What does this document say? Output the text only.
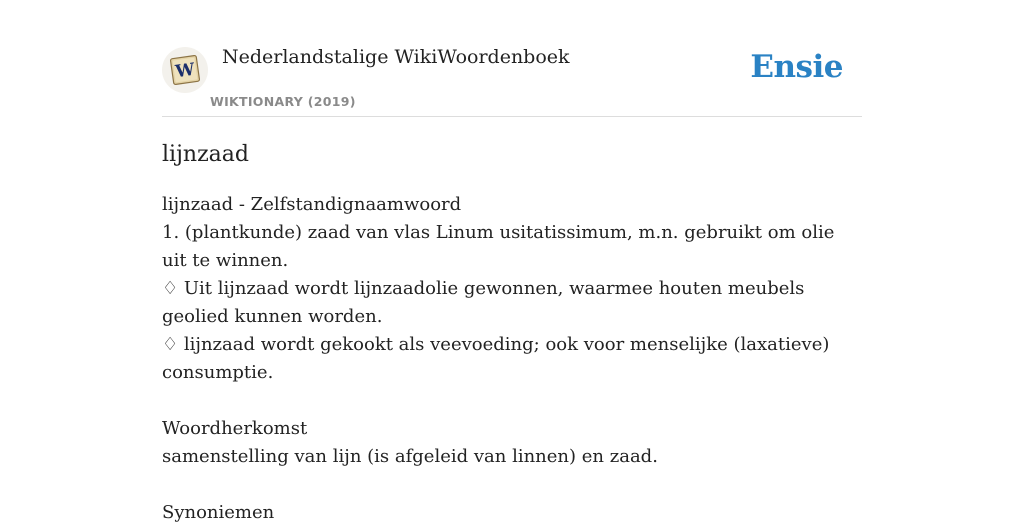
W
Nederlandstalige WikiWoordenboek
WIKTIONARY (2019)
Ensie
lijnzaad
lijnzaad - Zelfstandignaamwoord
1. (plantkunde) zaad van vlas Linum usitatissimum, m.n. gebruikt om olie uit te winnen.
♢ Uit lijnzaad wordt lijnzaadolie gewonnen, waarmee houten meubels geolied kunnen worden.
♢ lijnzaad wordt gekookt als veevoeding; ook voor menselijke (laxatieve) consumptie.
Woordherkomst
samenstelling van lijn (is afgeleid van linnen) en zaad.
Synoniemen
